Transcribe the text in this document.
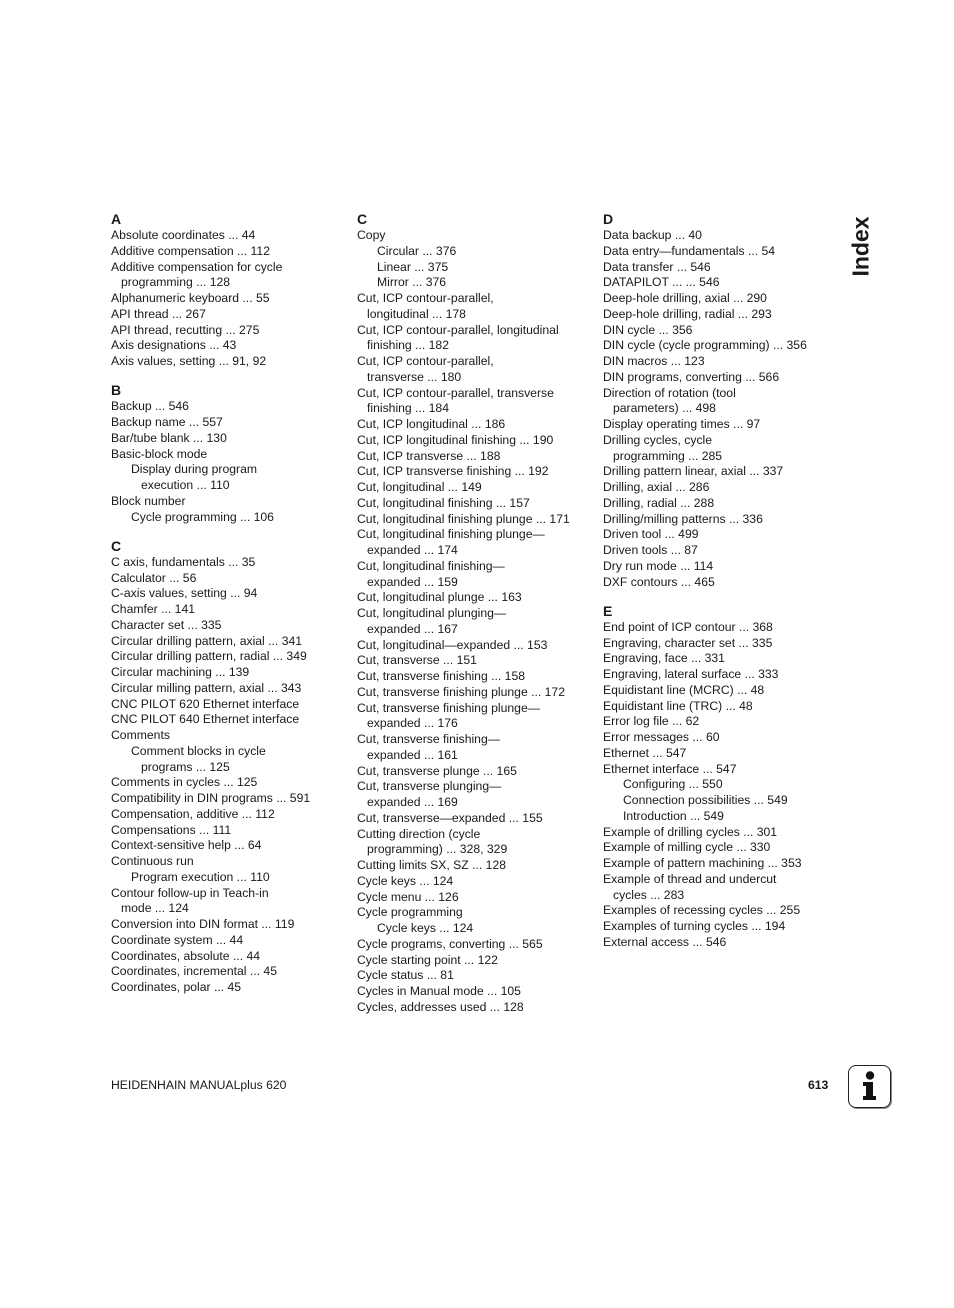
A
Absolute coordinates ... 44
Additive compensation ... 112
Additive compensation for cycle
programming ... 128
Alphanumeric keyboard ... 55
API thread ... 267
API thread, recutting ... 275
Axis designations ... 43
Axis values, setting ... 91, 92
B
Backup ... 546
Backup name ... 557
Bar/tube blank ... 130
Basic-block mode
Display during program
execution ... 110
Block number
Cycle programming ... 106
C
C axis, fundamentals ... 35
Calculator ... 56
C-axis values, setting ... 94
Chamfer ... 141
Character set ... 335
Circular drilling pattern, axial ... 341
Circular drilling pattern, radial ... 349
Circular machining ... 139
Circular milling pattern, axial ... 343
CNC PILOT 620 Ethernet interface
CNC PILOT 640 Ethernet interface
Comments
Comment blocks in cycle
programs ... 125
Comments in cycles ... 125
Compatibility in DIN programs ... 591
Compensation, additive ... 112
Compensations ... 111
Context-sensitive help ... 64
Continuous run
Program execution ... 110
Contour follow-up in Teach-in
mode ... 124
Conversion into DIN format ... 119
Coordinate system ... 44
Coordinates, absolute ... 44
Coordinates, incremental ... 45
Coordinates, polar ... 45
C
Copy
Circular ... 376
Linear ... 375
Mirror ... 376
Cut, ICP contour-parallel,
longitudinal ... 178
Cut, ICP contour-parallel, longitudinal
finishing ... 182
Cut, ICP contour-parallel,
transverse ... 180
Cut, ICP contour-parallel, transverse
finishing ... 184
Cut, ICP longitudinal ... 186
Cut, ICP longitudinal finishing ... 190
Cut, ICP transverse ... 188
Cut, ICP transverse finishing ... 192
Cut, longitudinal ... 149
Cut, longitudinal finishing ... 157
Cut, longitudinal finishing plunge ... 171
Cut, longitudinal finishing plunge—
expanded ... 174
Cut, longitudinal finishing—
expanded ... 159
Cut, longitudinal plunge ... 163
Cut, longitudinal plunging—
expanded ... 167
Cut, longitudinal—expanded ... 153
Cut, transverse ... 151
Cut, transverse finishing ... 158
Cut, transverse finishing plunge ... 172
Cut, transverse finishing plunge—
expanded ... 176
Cut, transverse finishing—
expanded ... 161
Cut, transverse plunge ... 165
Cut, transverse plunging—
expanded ... 169
Cut, transverse—expanded ... 155
Cutting direction (cycle
programming) ... 328, 329
Cutting limits SX, SZ ... 128
Cycle keys ... 124
Cycle menu ... 126
Cycle programming
Cycle keys ... 124
Cycle programs, converting ... 565
Cycle starting point ... 122
Cycle status ... 81
Cycles in Manual mode ... 105
Cycles, addresses used ... 128
D
Data backup ... 40
Data entry—fundamentals ... 54
Data transfer ... 546
DATAPILOT ... ... 546
Deep-hole drilling, axial ... 290
Deep-hole drilling, radial ... 293
DIN cycle ... 356
DIN cycle (cycle programming) ... 356
DIN macros ... 123
DIN programs, converting ... 566
Direction of rotation (tool
parameters) ... 498
Display operating times ... 97
Drilling cycles, cycle
programming ... 285
Drilling pattern linear, axial ... 337
Drilling, axial ... 286
Drilling, radial ... 288
Drilling/milling patterns ... 336
Driven tool ... 499
Driven tools ... 87
Dry run mode ... 114
DXF contours ... 465
E
End point of ICP contour ... 368
Engraving, character set ... 335
Engraving, face ... 331
Engraving, lateral surface ... 333
Equidistant line (MCRC) ... 48
Equidistant line (TRC) ... 48
Error log file ... 62
Error messages ... 60
Ethernet ... 547
Ethernet interface ... 547
Configuring ... 550
Connection possibilities ... 549
Introduction ... 549
Example of drilling cycles ... 301
Example of milling cycle ... 330
Example of pattern machining ... 353
Example of thread and undercut
cycles ... 283
Examples of recessing cycles ... 255
Examples of turning cycles ... 194
External access ... 546
Index
HEIDENHAIN MANUALplus 620	613
